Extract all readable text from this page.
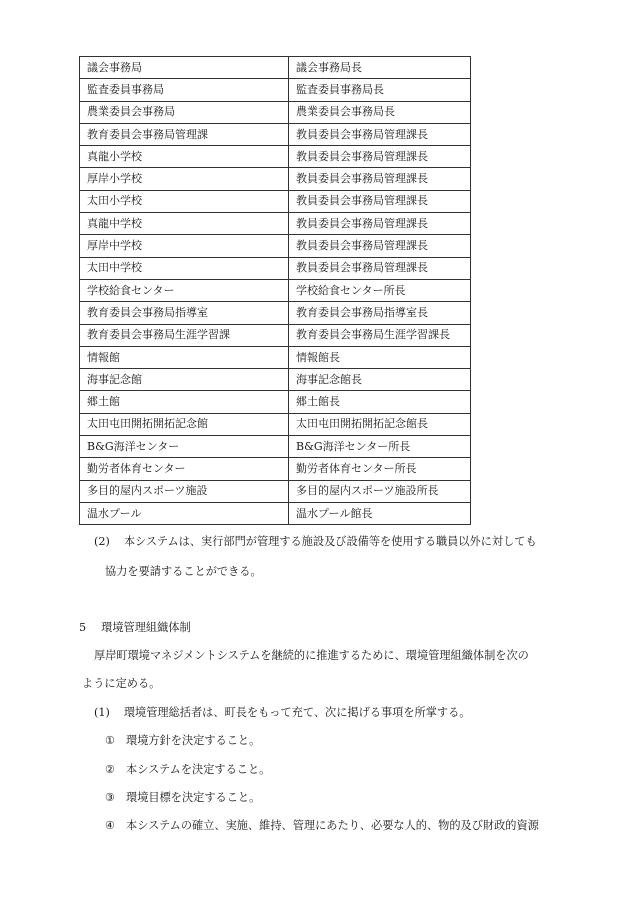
議会事務局	議会事務局長
監査委員事務局	監査委員事務局長
農業委員会事務局	農業委員会事務局長
教育委員会事務局管理課	教員委員会事務局管理課長
真龍小学校	教員委員会事務局管理課長
厚岸小学校	教員委員会事務局管理課長
太田小学校	教員委員会事務局管理課長
真龍中学校	教員委員会事務局管理課長
厚岸中学校	教員委員会事務局管理課長
太田中学校	教員委員会事務局管理課長
学校給食センター	学校給食センター所長
教育委員会事務局指導室	教育委員会事務局指導室長
教育委員会事務局生涯学習課	教育委員会事務局生涯学習課長
情報館	情報館長
海事記念館	海事記念館長
郷土館	郷土館長
太田屯田開拓開拓記念館	太田屯田開拓開拓記念館長
B&G海洋センター	B&G海洋センター所長
勤労者体育センター	勤労者体育センター所長
多目的屋内スポーツ施設	多目的屋内スポーツ施設所長
温水プール	温水プール館長
(2) 本システムは、実行部門が管理する施設及び設備等を使用する職員以外に対しても
協力を要請することができる。
5 環境管理組織体制
厚岸町環境マネジメントシステムを継続的に推進するために、環境管理組織体制を次の
ように定める。
(1) 環境管理総括者は、町長をもって充て、次に掲げる事項を所掌する。
① 環境方針を決定すること。
② 本システムを決定すること。
③ 環境目標を決定すること。
④ 本システムの確立、実施、維持、管理にあたり、必要な人的、物的及び財政的資源
